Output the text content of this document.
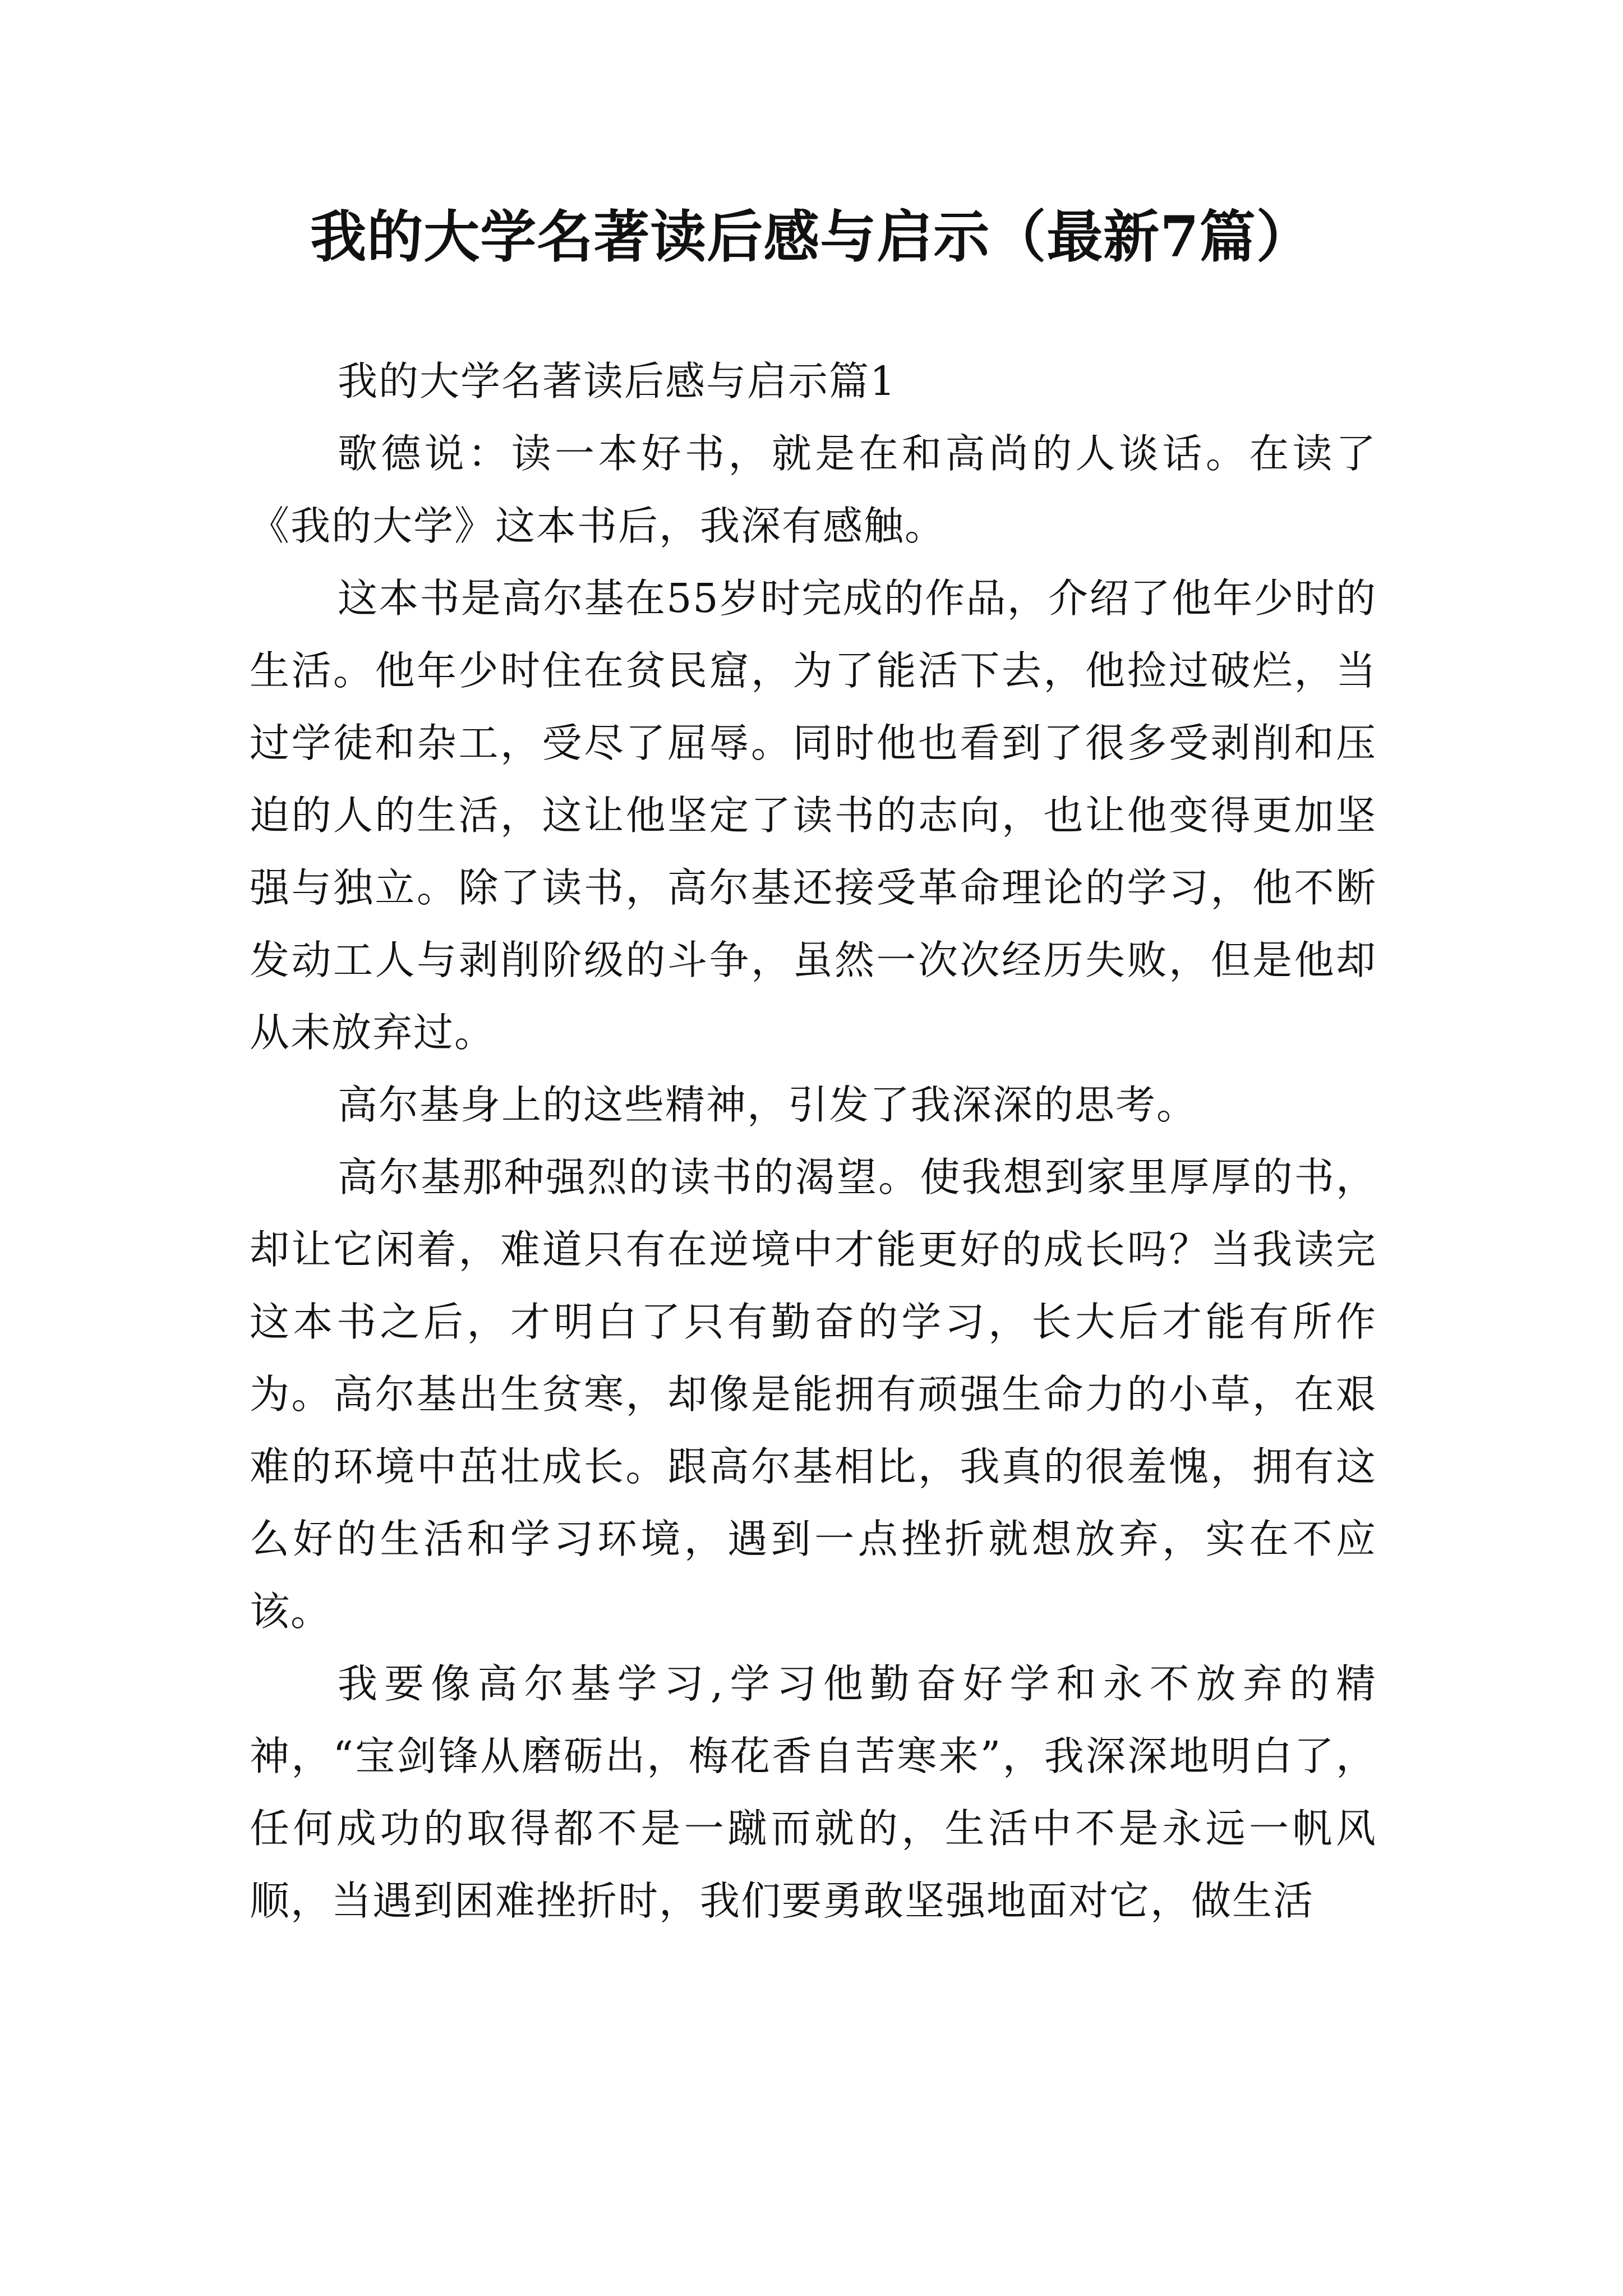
我的大学名著读后感与启示（最新7篇）

我的大学名著读后感与启示篇1

歌德说：读一本好书，就是在和高尚的人谈话。在读了《我的大学》这本书后，我深有感触。

这本书是高尔基在55岁时完成的作品，介绍了他年少时的生活。他年少时住在贫民窟，为了能活下去，他捡过破烂，当过学徒和杂工，受尽了屈辱。同时他也看到了很多受剥削和压迫的人的生活，这让他坚定了读书的志向，也让他变得更加坚强与独立。除了读书，高尔基还接受革命理论的学习，他不断发动工人与剥削阶级的斗争，虽然一次次经历失败，但是他却从未放弃过。

高尔基身上的这些精神，引发了我深深的思考。

高尔基那种强烈的读书的渴望。使我想到家里厚厚的书，却让它闲着，难道只有在逆境中才能更好的成长吗？当我读完这本书之后，才明白了只有勤奋的学习，长大后才能有所作为。高尔基出生贫寒，却像是能拥有顽强生命力的小草，在艰难的环境中茁壮成长。跟高尔基相比，我真的很羞愧，拥有这么好的生活和学习环境，遇到一点挫折就想放弃，实在不应该。

我要像高尔基学习,学习他勤奋好学和永不放弃的精神，“宝剑锋从磨砺出，梅花香自苦寒来”，我深深地明白了，任何成功的取得都不是一蹴而就的，生活中不是永远一帆风顺，当遇到困难挫折时，我们要勇敢坚强地面对它，做生活
